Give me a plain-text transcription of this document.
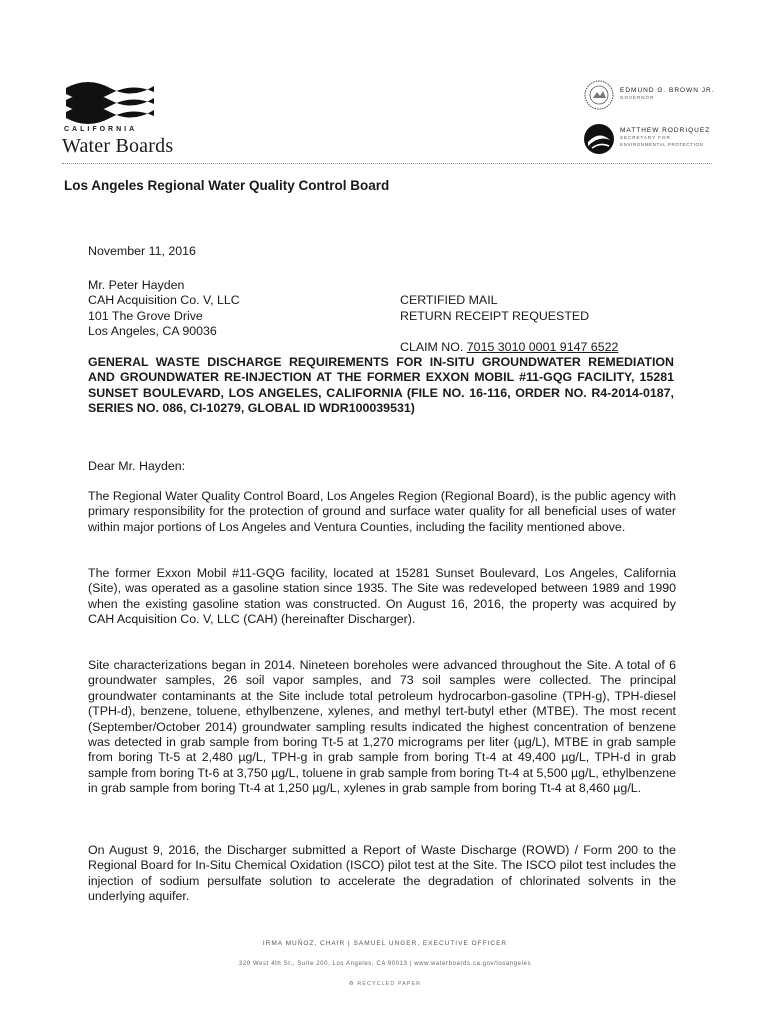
CALIFORNIA
Water Boards
EDMUND G. BROWN JR.
GOVERNOR
MATTHEW RODRIQUEZ
SECRETARY FOR
ENVIRONMENTAL PROTECTION
Los Angeles Regional Water Quality Control Board
November 11, 2016
Mr. Peter Hayden
CAH Acquisition Co. V, LLC
101 The Grove Drive
Los Angeles, CA 90036

CERTIFIED MAIL
RETURN RECEIPT REQUESTED

CLAIM NO. 7015 3010 0001 9147 6522

GENERAL WASTE DISCHARGE REQUIREMENTS FOR IN-SITU GROUNDWATER REMEDIATION AND GROUNDWATER RE-INJECTION AT THE FORMER EXXON MOBIL #11-GQG FACILITY, 15281 SUNSET BOULEVARD, LOS ANGELES, CALIFORNIA (FILE NO. 16-116, ORDER NO. R4-2014-0187, SERIES NO. 086, CI-10279, GLOBAL ID WDR100039531)
Dear Mr. Hayden:
The Regional Water Quality Control Board, Los Angeles Region (Regional Board), is the public agency with primary responsibility for the protection of ground and surface water quality for all beneficial uses of water within major portions of Los Angeles and Ventura Counties, including the facility mentioned above.
The former Exxon Mobil #11-GQG facility, located at 15281 Sunset Boulevard, Los Angeles, California (Site), was operated as a gasoline station since 1935. The Site was redeveloped between 1989 and 1990 when the existing gasoline station was constructed. On August 16, 2016, the property was acquired by CAH Acquisition Co. V, LLC (CAH) (hereinafter Discharger).
Site characterizations began in 2014. Nineteen boreholes were advanced throughout the Site. A total of 6 groundwater samples, 26 soil vapor samples, and 73 soil samples were collected. The principal groundwater contaminants at the Site include total petroleum hydrocarbon-gasoline (TPH-g), TPH-diesel (TPH-d), benzene, toluene, ethylbenzene, xylenes, and methyl tert-butyl ether (MTBE). The most recent (September/October 2014) groundwater sampling results indicated the highest concentration of benzene was detected in grab sample from boring Tt-5 at 1,270 micrograms per liter (µg/L), MTBE in grab sample from boring Tt-5 at 2,480 µg/L, TPH-g in grab sample from boring Tt-4 at 49,400 µg/L, TPH-d in grab sample from boring Tt-6 at 3,750 µg/L, toluene in grab sample from boring Tt-4 at 5,500 µg/L, ethylbenzene in grab sample from boring Tt-4 at 1,250 µg/L, xylenes in grab sample from boring Tt-4 at 8,460 µg/L.
On August 9, 2016, the Discharger submitted a Report of Waste Discharge (ROWD) / Form 200 to the Regional Board for In-Situ Chemical Oxidation (ISCO) pilot test at the Site. The ISCO pilot test includes the injection of sodium persulfate solution to accelerate the degradation of chlorinated solvents in the underlying aquifer.
IRMA MUÑOZ, CHAIR | SAMUEL UNGER, EXECUTIVE OFFICER
320 West 4th St., Suite 200, Los Angeles, CA 90013 | www.waterboards.ca.gov/losangeles
♻ RECYCLED PAPER
